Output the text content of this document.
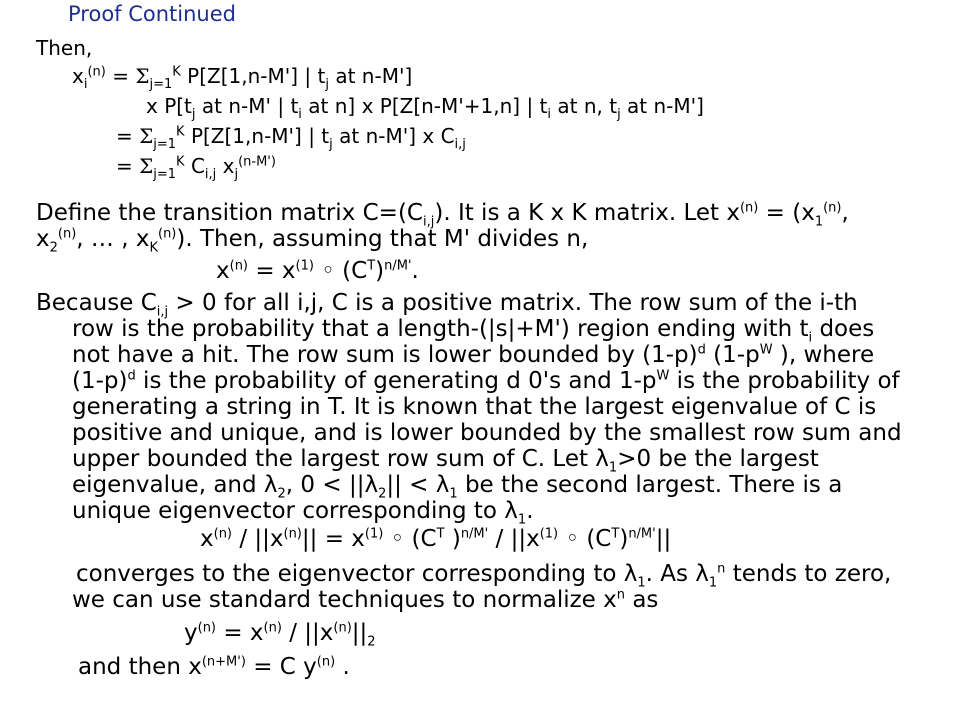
Proof Continued
Then,
$x_i^{(n)} = \Sigma_{j=1}^K$ P[Z[1,n-M'] | $t_j$ at n-M']
x $P[t_j$ at n-M' | $t_i$ at n] x P[Z[n-M'+1,n] | $t_i$ at n, $t_j$ at n-M']
= $\Sigma_{j=1}^K$ P[Z[1,n-M'] | $t_j$ at n-M'] x $C_{i,j}$
= $\Sigma_{j=1}^K$ $C_{i,j}$ $x_j^{(n-M')}$
Define the transition matrix $C=(C_{i,j})$. It is a K x K matrix. Let $x^{(n)} = (x_1^{(n)}$,
$x_2^{(n)}$, … , $x_K^{(n)}$). Then, assuming that M' divides n,
$x^{(n)} = x^{(1)}$ ◦ $(C^T)^{n/M'}$.
Because $C_{i,j} > 0$ for all i,j, C is a positive matrix. The row sum of the i-th
row is the probability that a length-(|s|+M') region ending with $t_i$ does
not have a hit. The row sum is lower bounded by $(1-p)^d$ ($1-p^W$ ), where
$(1-p)^d$ is the probability of generating d 0's and $1-p^W$ is the probability of
generating a string in T. It is known that the largest eigenvalue of C is
positive and unique, and is lower bounded by the smallest row sum and
upper bounded the largest row sum of C. Let $\lambda_1>0$ be the largest
eigenvalue, and $\lambda_2$, $0 < ||\lambda_2|| < \lambda_1$ be the second largest. There is a
unique eigenvector corresponding to $\lambda_1$.
$x^{(n)} / ||x^{(n)}|| = x^{(1)}$ ◦ ($C^T$ )$^{n/M'} / ||x^{(1)}$ ◦ $(C^T)^{n/M'}||$
converges to the eigenvector corresponding to $\lambda_1$. As $\lambda_1^n$ tends to zero,
we can use standard techniques to normalize $x^n$ as
$y^{(n)} = x^{(n)} / ||x^{(n)}||_2$
and then $x^{(n+M')} = C$ $y^{(n)}$ .
